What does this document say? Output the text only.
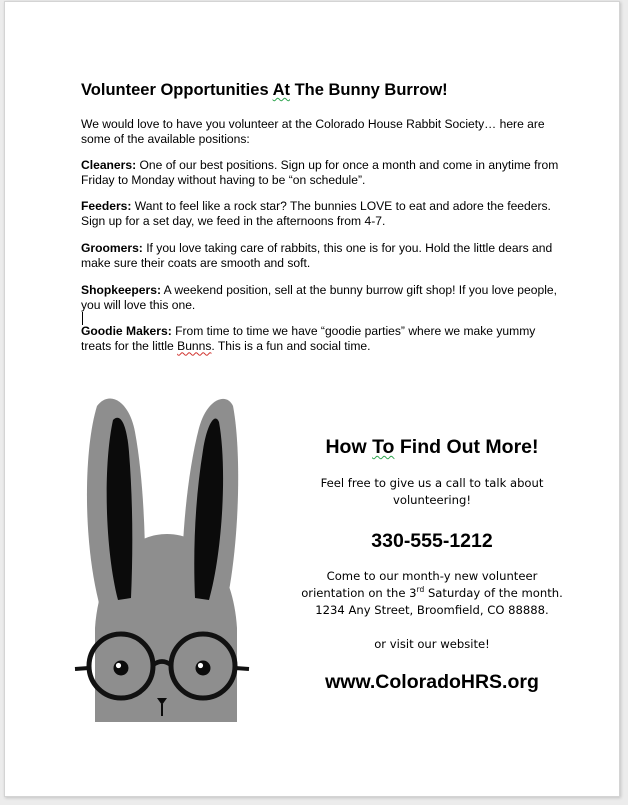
Volunteer Opportunities At The Bunny Burrow!

We would love to have you volunteer at the Colorado House Rabbit Society… here are some of the available positions:

Cleaners: One of our best positions. Sign up for once a month and come in anytime from Friday to Monday without having to be “on schedule”.

Feeders: Want to feel like a rock star? The bunnies LOVE to eat and adore the feeders. Sign up for a set day, we feed in the afternoons from 4-7.

Groomers: If you love taking care of rabbits, this one is for you. Hold the little dears and make sure their coats are smooth and soft.

Shopkeepers: A weekend position, sell at the bunny burrow gift shop! If you love people, you will love this one.

Goodie Makers: From time to time we have “goodie parties” where we make yummy treats for the little Bunns. This is a fun and social time.

How To Find Out More!

Feel free to give us a call to talk about volunteering!

330-555-1212

Come to our month-y new volunteer orientation on the 3rd Saturday of the month.
1234 Any Street, Broomfield, CO 88888.

or visit our website!

www.ColoradoHRS.org
